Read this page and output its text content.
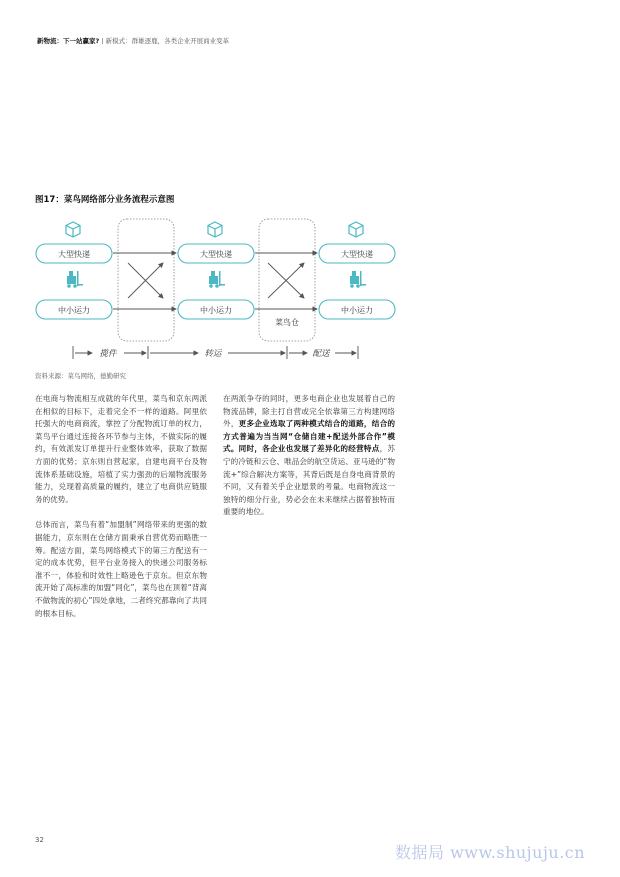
新物流：下一站赢家? | 新模式：群雄逐鹿，各类企业开展商业变革
图17：菜鸟网络部分业务流程示意图
大型快递
中小运力
大型快递
中小运力
大型快递
中小运力
菜鸟仓
揽件	转运	配送
资料来源：菜鸟网络，德勤研究

在电商与物流相互成就的年代里，菜鸟和京东两派在相似的目标下，走着完全不一样的道路。阿里依托强大的电商商流，掌控了分配物流订单的权力，菜鸟平台通过连接各环节参与主体，不做实际的履约，有效派发订单提升行业整体效率，获取了数据方面的优势；京东则自营起家，自建电商平台及物流体系基础设施，培植了实力强劲的后端物流服务能力，兑现着高质量的履约，建立了电商供应链服务的优势。

总体而言，菜鸟有着“加盟制”网络带来的更强的数据能力，京东则在仓储方面秉承自营优势而略胜一筹。配送方面，菜鸟网络模式下的第三方配送有一定的成本优势，但平台业务接入的快递公司服务标准不一，体验和时效性上略逊色于京东。但京东物流开始了高标准的加盟“同化”，菜鸟也在顶着“背离不做物流的初心”四处拿地，二者终究都靠向了共同的根本目标。

在两派争夺的同时，更多电商企业也发展着自己的物流品牌，除主打自营或完全依靠第三方构建网络外，更多企业选取了两种模式结合的道路，结合的方式普遍为当当网“仓储自建+配送外部合作”模式。同时，各企业也发展了差异化的经营特点，苏宁的冷链和云仓、唯品会的航空货运、亚马逊的“物流+”综合解决方案等，其背后既是自身电商背景的不同，又有着关乎企业愿景的考量。电商物流这一独特的细分行业，势必会在未来继续占据着独特而重要的地位。

32
数据局 www.shujuju.cn
